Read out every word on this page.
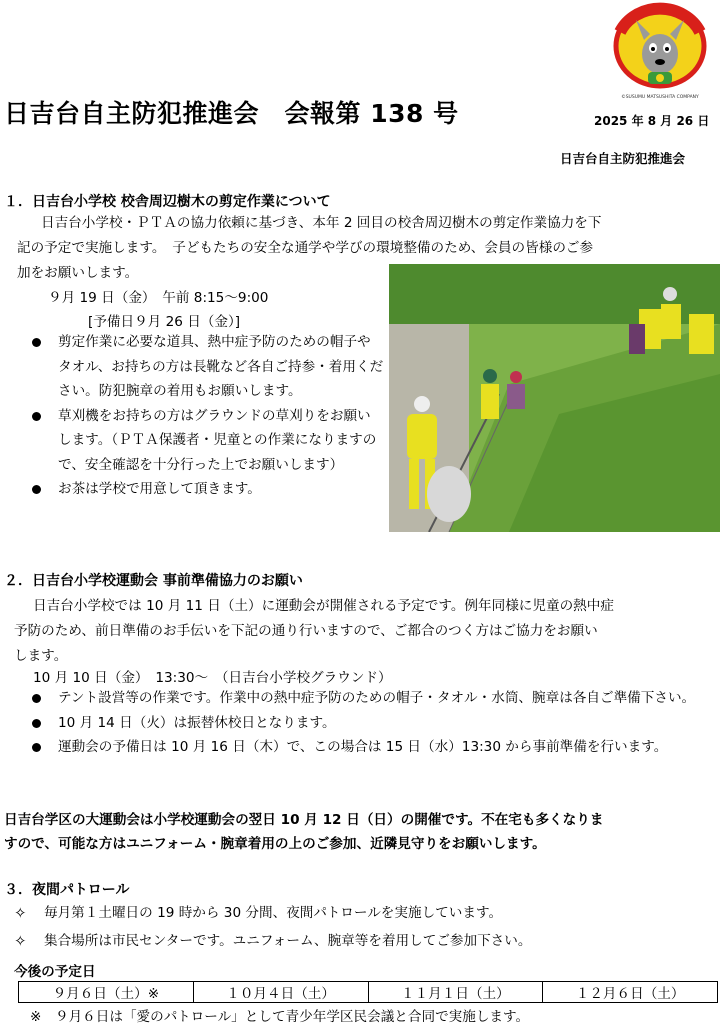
©SUSUMU MATSUSHITA COMPANY
日吉台自主防犯推進会　会報第 138 号	2025 年 8 月 26 日
日吉台自主防犯推進会
１．日吉台小学校 校舎周辺樹木の剪定作業について
日吉台小学校・ＰＴＡの協力依頼に基づき、本年 2 回目の校舎周辺樹木の剪定作業協力を下
記の予定で実施します。　子どもたちの安全な通学や学びの環境整備のため、会員の皆様のご参
加をお願いします。
９月 19 日（金）　午前 8:15～9:00
[予備日９月 26 日（金）]
剪定作業に必要な道具、熱中症予防のための帽子やタオル、お持ちの方は長靴など各自ご持参・着用ください。防犯腕章の着用もお願いします。
草刈機をお持ちの方はグラウンドの草刈りをお願いします。（ＰＴＡ保護者・児童との作業になりますので、安全確認を十分行った上でお願いします）
お茶は学校で用意して頂きます。
２．日吉台小学校運動会 事前準備協力のお願い
日吉台小学校では 10 月 11 日（土）に運動会が開催される予定です。例年同様に児童の熱中症
予防のため、前日準備のお手伝いを下記の通り行いますので、ご都合のつく方はご協力をお願い
します。
10 月 10 日（金）　13:30～　（日吉台小学校グラウンド）
テント設営等の作業です。作業中の熱中症予防のための帽子・タオル・水筒、腕章は各自ご準備下さい。
10 月 14 日（火）は振替休校日となります。
運動会の予備日は 10 月 16 日（木）で、この場合は 15 日（水）13:30 から事前準備を行います。
日吉台学区の大運動会は小学校運動会の翌日 10 月 12 日（日）の開催です。不在宅も多くなりま
すので、可能な方はユニフォーム・腕章着用の上のご参加、近隣見守りをお願いします。
３．夜間パトロール
✧ 毎月第１土曜日の 19 時から 30 分間、夜間パトロールを実施しています。
✧ 集合場所は市民センターです。ユニフォーム、腕章等を着用してご参加下さい。
今後の予定日
９月６日（土）※	１０月４日（土）	１１月１日（土）	１２月６日（土）
※　９月６日は「愛のパトロール」として青少年学区民会議と合同で実施します。
